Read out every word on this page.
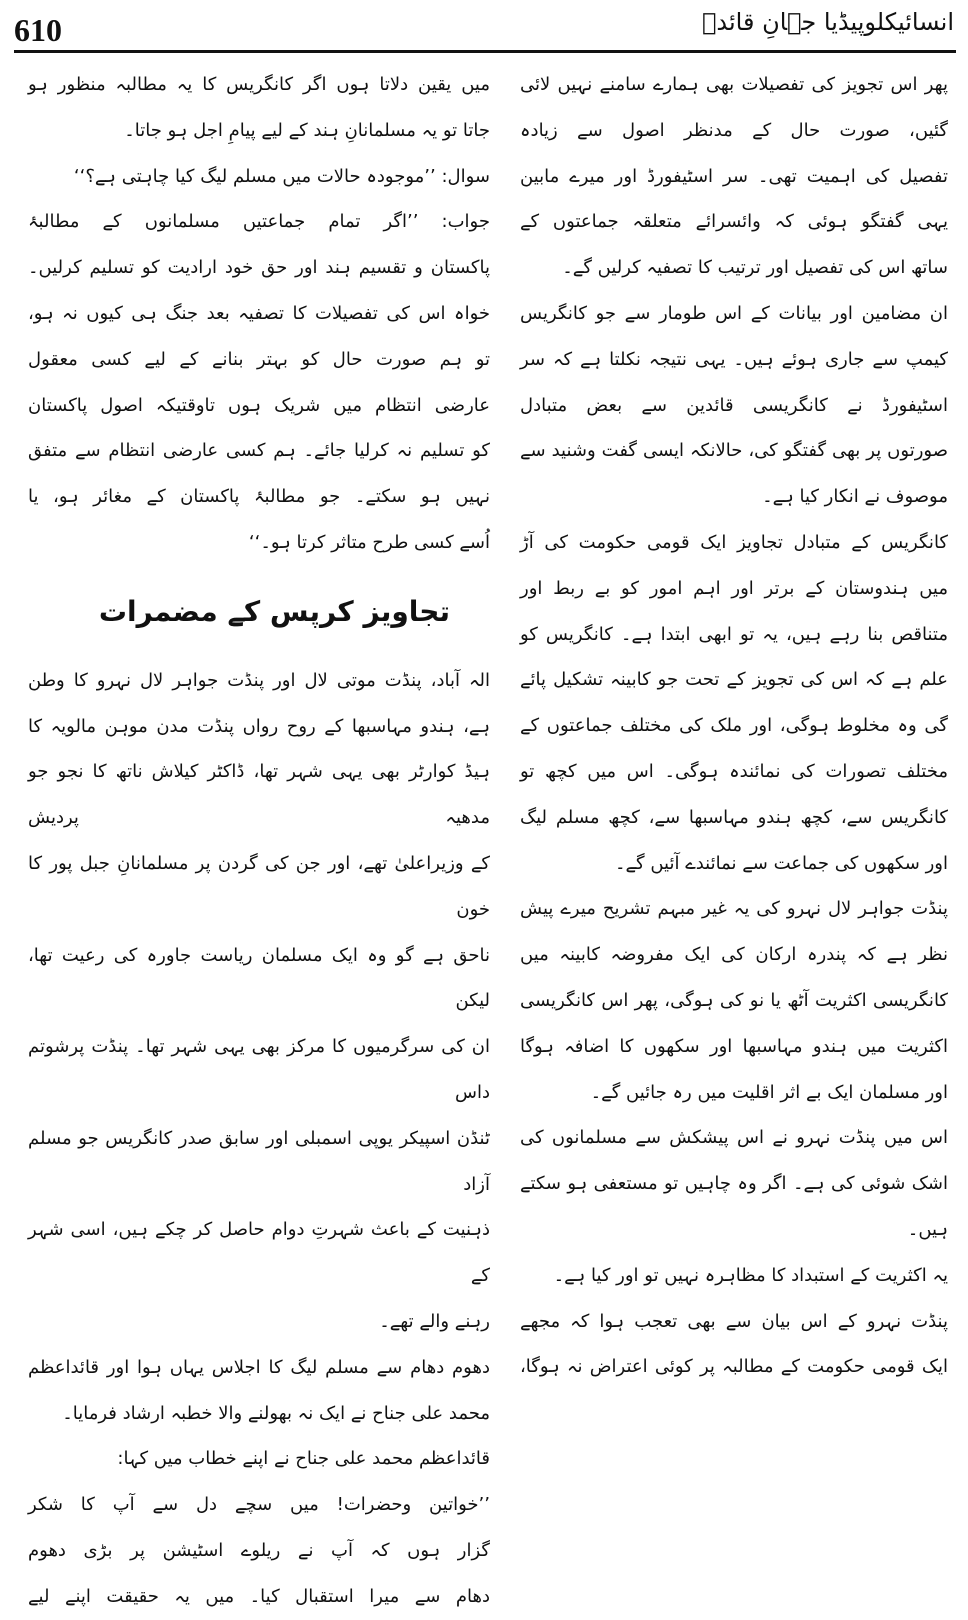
انسائیکلوپیڈیا جہانِ قائدؒ
610
پھر اس تجویز کی تفصیلات بھی ہمارے سامنے نہیں لائی
گئیں، صورت حال کے مدنظر اصول سے زیادہ
تفصیل کی اہمیت تھی۔ سر اسٹیفورڈ اور میرے مابین
یہی گفتگو ہوئی کہ وائسرائے متعلقہ جماعتوں کے
ساتھ اس کی تفصیل اور ترتیب کا تصفیہ کرلیں گے۔
ان مضامین اور بیانات کے اس طومار سے جو کانگریس
کیمپ سے جاری ہوئے ہیں۔ یہی نتیجہ نکلتا ہے کہ سر
اسٹیفورڈ نے کانگریسی قائدین سے بعض متبادل
صورتوں پر بھی گفتگو کی، حالانکہ ایسی گفت وشنید سے
موصوف نے انکار کیا ہے۔
کانگریس کے متبادل تجاویز ایک قومی حکومت کی آڑ
میں ہندوستان کے برتر اور اہم امور کو بے ربط اور
متناقص بنا رہے ہیں، یہ تو ابھی ابتدا ہے۔ کانگریس کو
علم ہے کہ اس کی تجویز کے تحت جو کابینہ تشکیل پائے
گی وہ مخلوط ہوگی، اور ملک کی مختلف جماعتوں کے
مختلف تصورات کی نمائندہ ہوگی۔ اس میں کچھ تو
کانگریس سے، کچھ ہندو مہاسبھا سے، کچھ مسلم لیگ
اور سکھوں کی جماعت سے نمائندے آئیں گے۔
پنڈت جواہر لال نہرو کی یہ غیر مبہم تشریح میرے پیش
نظر ہے کہ پندرہ ارکان کی ایک مفروضہ کابینہ میں
کانگریسی اکثریت آٹھ یا نو کی ہوگی، پھر اس کانگریسی
اکثریت میں ہندو مہاسبھا اور سکھوں کا اضافہ ہوگا
اور مسلمان ایک بے اثر اقلیت میں رہ جائیں گے۔
اس میں پنڈت نہرو نے اس پیشکش سے مسلمانوں کی
اشک شوئی کی ہے۔ اگر وہ چاہیں تو مستعفی ہو سکتے ہیں۔
یہ اکثریت کے استبداد کا مظاہرہ نہیں تو اور کیا ہے۔
پنڈت نہرو کے اس بیان سے بھی تعجب ہوا کہ مجھے
ایک قومی حکومت کے مطالبہ پر کوئی اعتراض نہ ہوگا،
میں یقین دلاتا ہوں اگر کانگریس کا یہ مطالبہ منظور ہو
جاتا تو یہ مسلمانانِ ہند کے لیے پیامِ اجل ہو جاتا۔
سوال: ’’موجودہ حالات میں مسلم لیگ کیا چاہتی ہے؟‘‘
جواب: ’’اگر تمام جماعتیں مسلمانوں کے مطالبۂ
پاکستان و تقسیم ہند اور حق خود ارادیت کو تسلیم کرلیں۔
خواہ اس کی تفصیلات کا تصفیہ بعد جنگ ہی کیوں نہ ہو،
تو ہم صورت حال کو بہتر بنانے کے لیے کسی معقول
عارضی انتظام میں شریک ہوں تاوقتیکہ اصول پاکستان
کو تسلیم نہ کرلیا جائے۔ ہم کسی عارضی انتظام سے متفق
نہیں ہو سکتے۔ جو مطالبۂ پاکستان کے مغائر ہو، یا
اُسے کسی طرح متاثر کرتا ہو۔‘‘
تجاویز کرپس کے مضمرات
الہ آباد، پنڈت موتی لال اور پنڈت جواہر لال نہرو کا وطن
ہے، ہندو مہاسبھا کے روح رواں پنڈت مدن موہن مالویہ کا
ہیڈ کوارٹر بھی یہی شہر تھا، ڈاکٹر کیلاش ناتھ کا نجو جو مدھیہ پردیش
کے وزیراعلیٰ تھے، اور جن کی گردن پر مسلمانانِ جبل پور کا خون
ناحق ہے گو وہ ایک مسلمان ریاست جاورہ کی رعیت تھا، لیکن
ان کی سرگرمیوں کا مرکز بھی یہی شہر تھا۔ پنڈت پرشوتم داس
ٹنڈن اسپیکر یوپی اسمبلی اور سابق صدر کانگریس جو مسلم آزاد
ذہنیت کے باعث شہرتِ دوام حاصل کر چکے ہیں، اسی شہر کے
رہنے والے تھے۔
دھوم دھام سے مسلم لیگ کا اجلاس یہاں ہوا اور قائداعظم
محمد علی جناح نے ایک نہ بھولنے والا خطبہ ارشاد فرمایا۔
قائداعظم محمد علی جناح نے اپنے خطاب میں کہا:
’’خواتین وحضرات! میں سچے دل سے آپ کا شکر
گزار ہوں کہ آپ نے ریلوے اسٹیشن پر بڑی دھوم
دھام سے میرا استقبال کیا۔ میں یہ حقیقت اپنے لیے
